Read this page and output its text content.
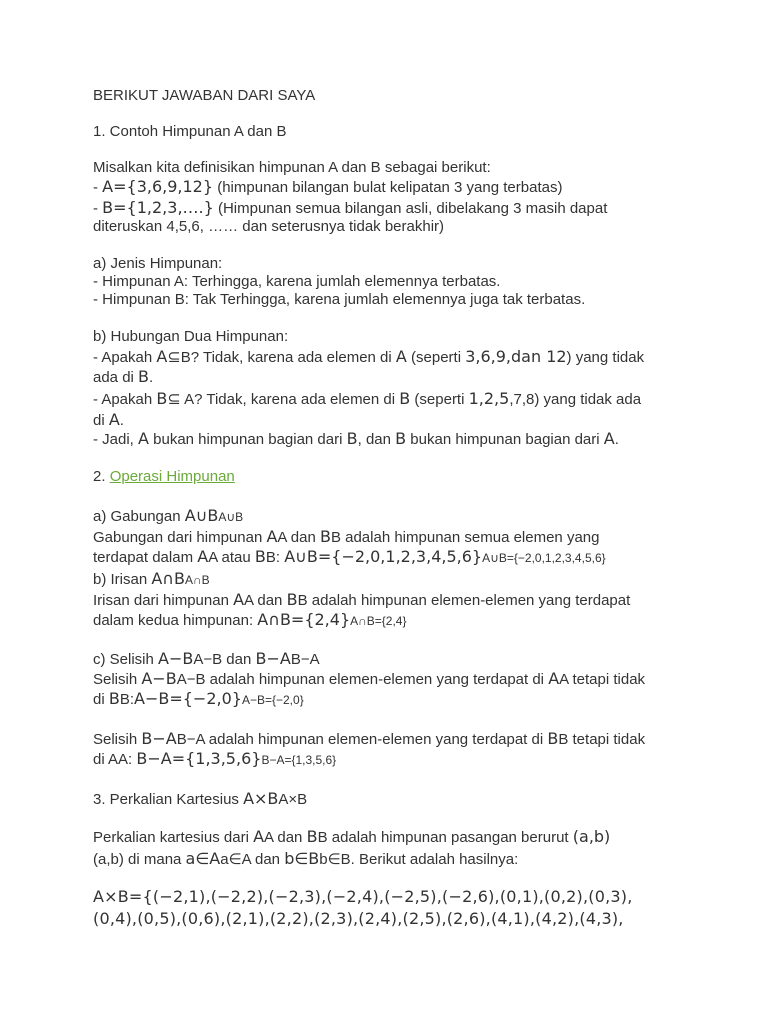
BERIKUT JAWABAN DARI SAYA
1. Contoh Himpunan A dan B
Misalkan kita definisikan himpunan A dan B sebagai berikut:
- A={3,6,9,12} (himpunan bilangan bulat kelipatan 3 yang terbatas)
- B={1,2,3,….} (Himpunan semua bilangan asli, dibelakang 3 masih dapat
diteruskan 4,5,6, …… dan seterusnya tidak berakhir)
a) Jenis Himpunan:
- Himpunan A: Terhingga, karena jumlah elemennya terbatas.
- Himpunan B: Tak Terhingga, karena jumlah elemennya juga tak terbatas.
b) Hubungan Dua Himpunan:
- Apakah A⊆B? Tidak, karena ada elemen di A (seperti 3,6,9,dan 12) yang tidak
ada di B.
- Apakah B⊆ A? Tidak, karena ada elemen di B (seperti 1,2,5,7,8) yang tidak ada
di A.
- Jadi, A bukan himpunan bagian dari B, dan B bukan himpunan bagian dari A.
2. Operasi Himpunan
a) Gabungan A∪BA∪B
Gabungan dari himpunan AA dan BB adalah himpunan semua elemen yang
terdapat dalam AA atau BB: A∪B={−2,0,1,2,3,4,5,6}A∪B={−2,0,1,2,3,4,5,6}
b) Irisan A∩BA∩B
Irisan dari himpunan AA dan BB adalah himpunan elemen-elemen yang terdapat
dalam kedua himpunan: A∩B={2,4}A∩B={2,4}
c) Selisih A−BA−B dan B−AB−A
Selisih A−BA−B adalah himpunan elemen-elemen yang terdapat di AA tetapi tidak
di BB:A−B={−2,0}A−B={−2,0}
Selisih B−AB−A adalah himpunan elemen-elemen yang terdapat di BB tetapi tidak
di AA: B−A={1,3,5,6}B−A={1,3,5,6}
3. Perkalian Kartesius A×BA×B
Perkalian kartesius dari AA dan BB adalah himpunan pasangan berurut (a,b)
(a,b) di mana a∈Aa∈A dan b∈Bb∈B. Berikut adalah hasilnya:
A×B={(−2,1),(−2,2),(−2,3),(−2,4),(−2,5),(−2,6),(0,1),(0,2),(0,3),
(0,4),(0,5),(0,6),(2,1),(2,2),(2,3),(2,4),(2,5),(2,6),(4,1),(4,2),(4,3),
